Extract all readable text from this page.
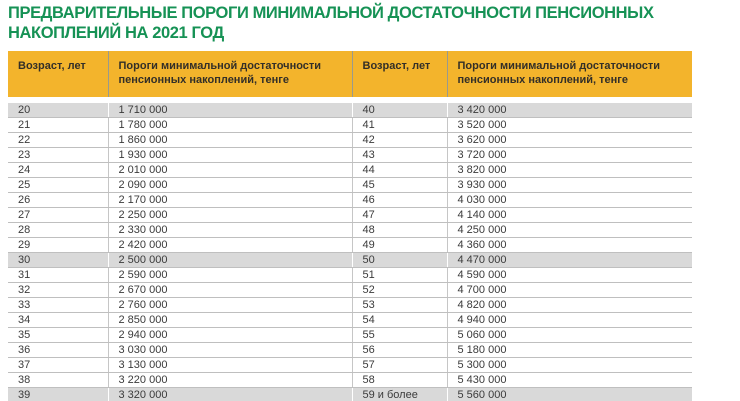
ПРЕДВАРИТЕЛЬНЫЕ ПОРОГИ МИНИМАЛЬНОЙ ДОСТАТОЧНОСТИ ПЕНСИОННЫХ НАКОПЛЕНИЙ НА 2021 ГОД
Возраст, лет	Пороги минимальной достаточности пенсионных накоплений, тенге	Возраст, лет	Пороги минимальной достаточности пенсионных накоплений, тенге
20	1 710 000	40	3 420 000
21	1 780 000	41	3 520 000
22	1 860 000	42	3 620 000
23	1 930 000	43	3 720 000
24	2 010 000	44	3 820 000
25	2 090 000	45	3 930 000
26	2 170 000	46	4 030 000
27	2 250 000	47	4 140 000
28	2 330 000	48	4 250 000
29	2 420 000	49	4 360 000
30	2 500 000	50	4 470 000
31	2 590 000	51	4 590 000
32	2 670 000	52	4 700 000
33	2 760 000	53	4 820 000
34	2 850 000	54	4 940 000
35	2 940 000	55	5 060 000
36	3 030 000	56	5 180 000
37	3 130 000	57	5 300 000
38	3 220 000	58	5 430 000
39	3 320 000	59 и более	5 560 000
